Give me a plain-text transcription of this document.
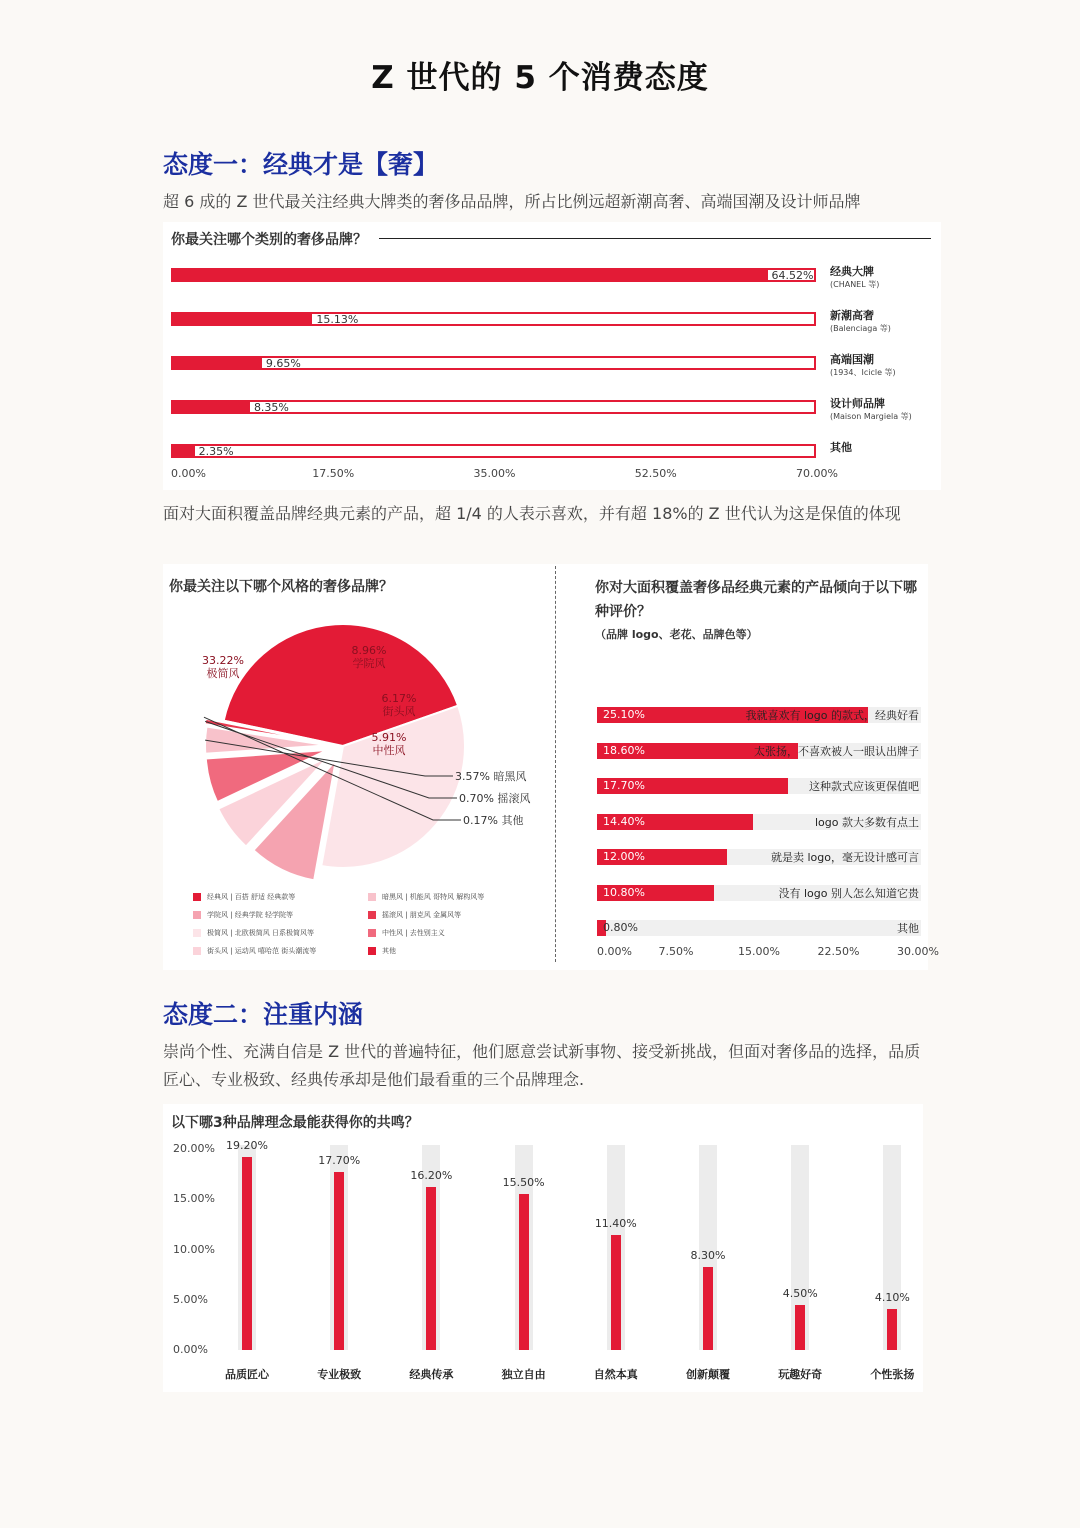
Z 世代的 5 个消费态度
态度一：经典才是【奢】
超 6 成的 Z 世代最关注经典大牌类的奢侈品品牌，所占比例远超新潮高奢、高端国潮及设计师品牌
你最关注哪个类别的奢侈品牌？
64.52% 经典大牌
(CHANEL 等)
15.13%	新潮高奢
(Balenciaga 等)
9.65%	高端国潮
(1934、Icicle 等)
8.35%	设计师品牌
(Maison Margiela 等)
2.35%	其他
0.00%	17.50%	35.00%	52.50%	70.00%
面对大面积覆盖品牌经典元素的产品，超 1/4 的人表示喜欢，并有超 18%的 Z 世代认为这是保值的体现
你最关注以下哪个风格的奢侈品牌？
33.22%
极简风
8.96%
学院风
6.17%
街头风
5.91%
中性风
3.57% 暗黑风
0.70% 摇滚风
0.17% 其他
经典风 | 百搭 舒适 经典款等	暗黑风 | 机能风 哥特风 解构风等
学院风 | 经典学院 轻学院等	摇滚风 | 朋克风 金属风等
极简风 | 北欧极简风 日系极简风等	中性风 | 去性别主义
街头风 | 运动风 嘻哈范 街头潮流等	其他
你对大面积覆盖奢侈品经典元素的产品倾向于以下哪种评价？
（品牌 logo、老花、品牌色等）
25.10%	我就喜欢有 logo 的款式，经典好看
18.60%	太张扬，不喜欢被人一眼认出牌子
17.70%	这种款式应该更保值吧
14.40%	logo 款大多数有点土
12.00%	就是卖 logo，毫无设计感可言
10.80%	没有 logo 别人怎么知道它贵
0.80%	其他
0.00% 7.50%	15.00%	22.50%	30.00%
态度二：注重内涵
崇尚个性、充满自信是 Z 世代的普遍特征，他们愿意尝试新事物、接受新挑战，但面对奢侈品的选择，品质匠心、专业极致、经典传承却是他们最看重的三个品牌理念.
以下哪3种品牌理念最能获得你的共鸣？
0.00%
5.00%
10.00%
15.00%
20.00%	19.20%
品质匠心
17.70%
专业极致
16.20%
经典传承
15.50%
独立自由
11.40%
自然本真
8.30%
创新颠覆
4.50%
玩趣好奇
4.10%
个性张扬
